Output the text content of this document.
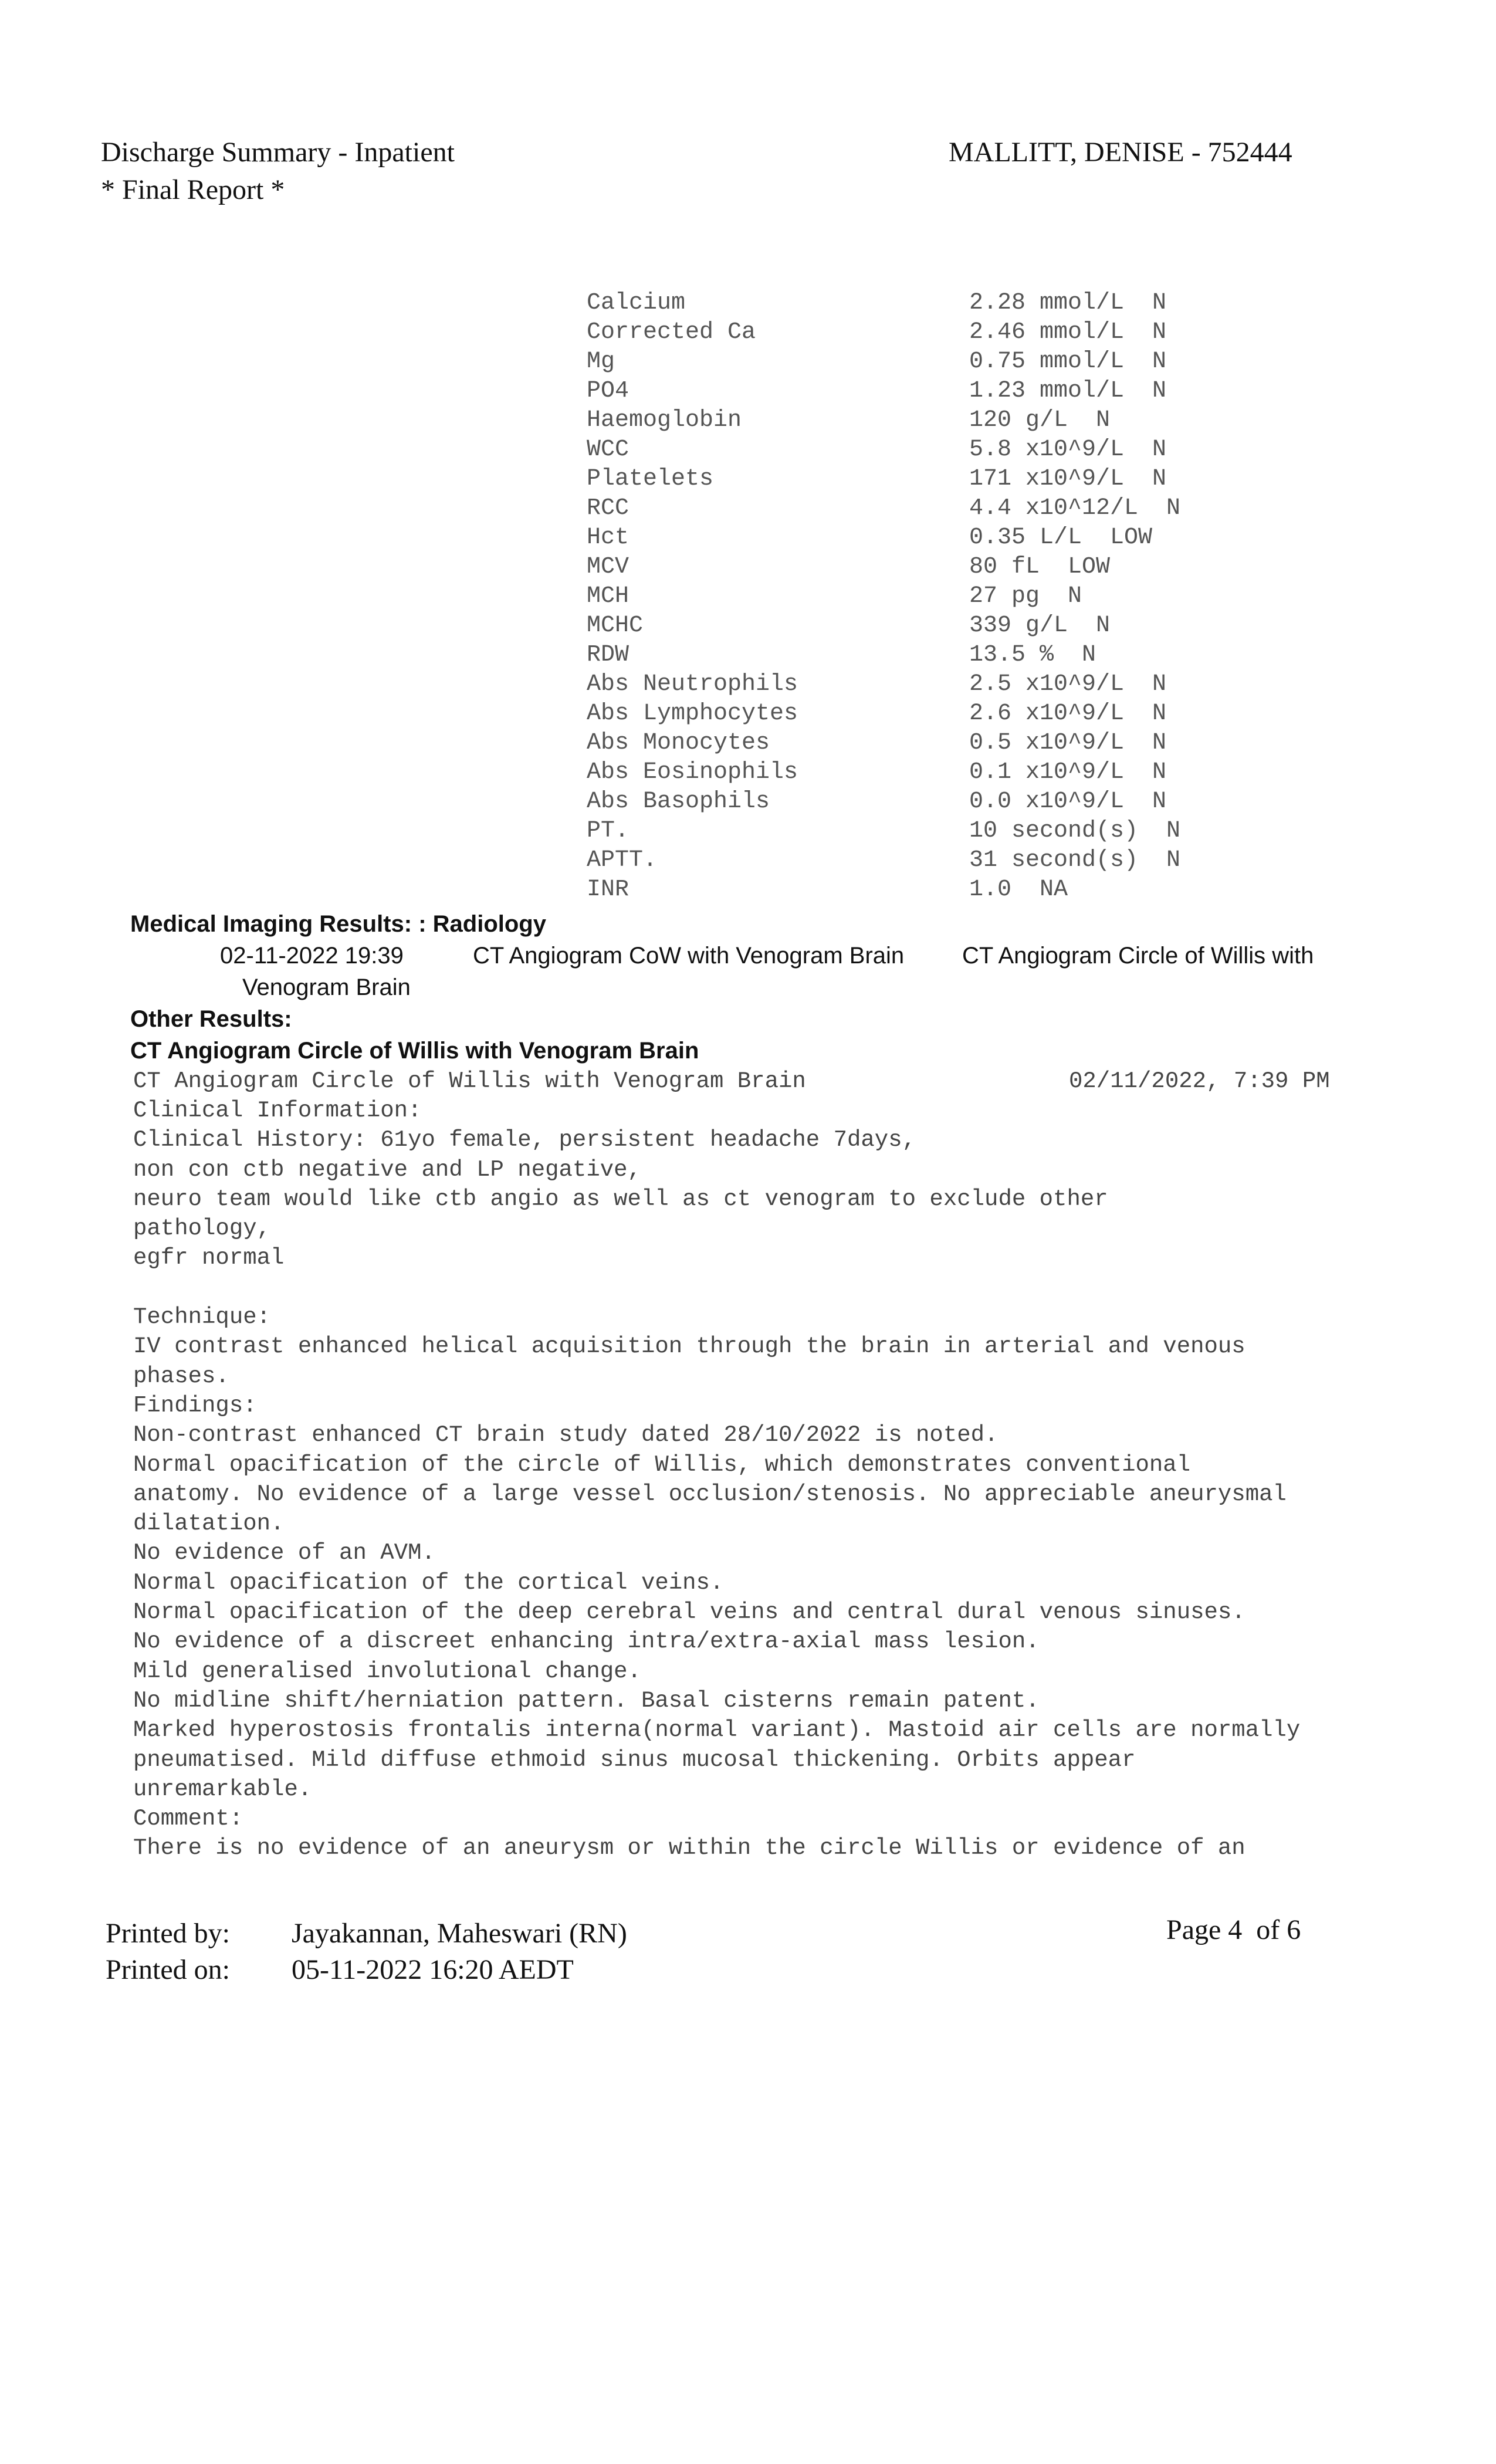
Discharge Summary - Inpatient
* Final Report *
MALLITT, DENISE - 752444
Calcium
Corrected Ca
Mg
PO4
Haemoglobin
WCC
Platelets
RCC
Hct
MCV
MCH
MCHC
RDW
Abs Neutrophils
Abs Lymphocytes
Abs Monocytes
Abs Eosinophils
Abs Basophils
PT.
APTT.
INR
2.28 mmol/L  N
2.46 mmol/L  N
0.75 mmol/L  N
1.23 mmol/L  N
120 g/L  N
5.8 x10^9/L  N
171 x10^9/L  N
4.4 x10^12/L  N
0.35 L/L  LOW
80 fL  LOW
27 pg  N
339 g/L  N
13.5 %  N
2.5 x10^9/L  N
2.6 x10^9/L  N
0.5 x10^9/L  N
0.1 x10^9/L  N
0.0 x10^9/L  N
10 second(s)  N
31 second(s)  N
1.0  NA
Medical Imaging Results: : Radiology
02-11-2022 19:39	CT Angiogram CoW with Venogram Brain CT Angiogram Circle of Willis with
Venogram Brain
Other Results:
CT Angiogram Circle of Willis with Venogram Brain
CT Angiogram Circle of Willis with Venogram Brain	02/11/2022, 7:39 PM
Clinical Information:
Clinical History: 61yo female, persistent headache 7days,
non con ctb negative and LP negative,
neuro team would like ctb angio as well as ct venogram to exclude other
pathology,
egfr normal
Technique:
IV contrast enhanced helical acquisition through the brain in arterial and venous
phases.
Findings:
Non-contrast enhanced CT brain study dated 28/10/2022 is noted.
Normal opacification of the circle of Willis, which demonstrates conventional
anatomy. No evidence of a large vessel occlusion/stenosis. No appreciable aneurysmal
dilatation.
No evidence of an AVM.
Normal opacification of the cortical veins.
Normal opacification of the deep cerebral veins and central dural venous sinuses.
No evidence of a discreet enhancing intra/extra-axial mass lesion.
Mild generalised involutional change.
No midline shift/herniation pattern. Basal cisterns remain patent.
Marked hyperostosis frontalis interna(normal variant). Mastoid air cells are normally
pneumatised. Mild diffuse ethmoid sinus mucosal thickening. Orbits appear
unremarkable.
Comment:
There is no evidence of an aneurysm or within the circle Willis or evidence of an
Printed by: Jayakannan, Maheswari (RN)
Printed on: 05-11-2022 16:20 AEDT
Page 4  of 6
